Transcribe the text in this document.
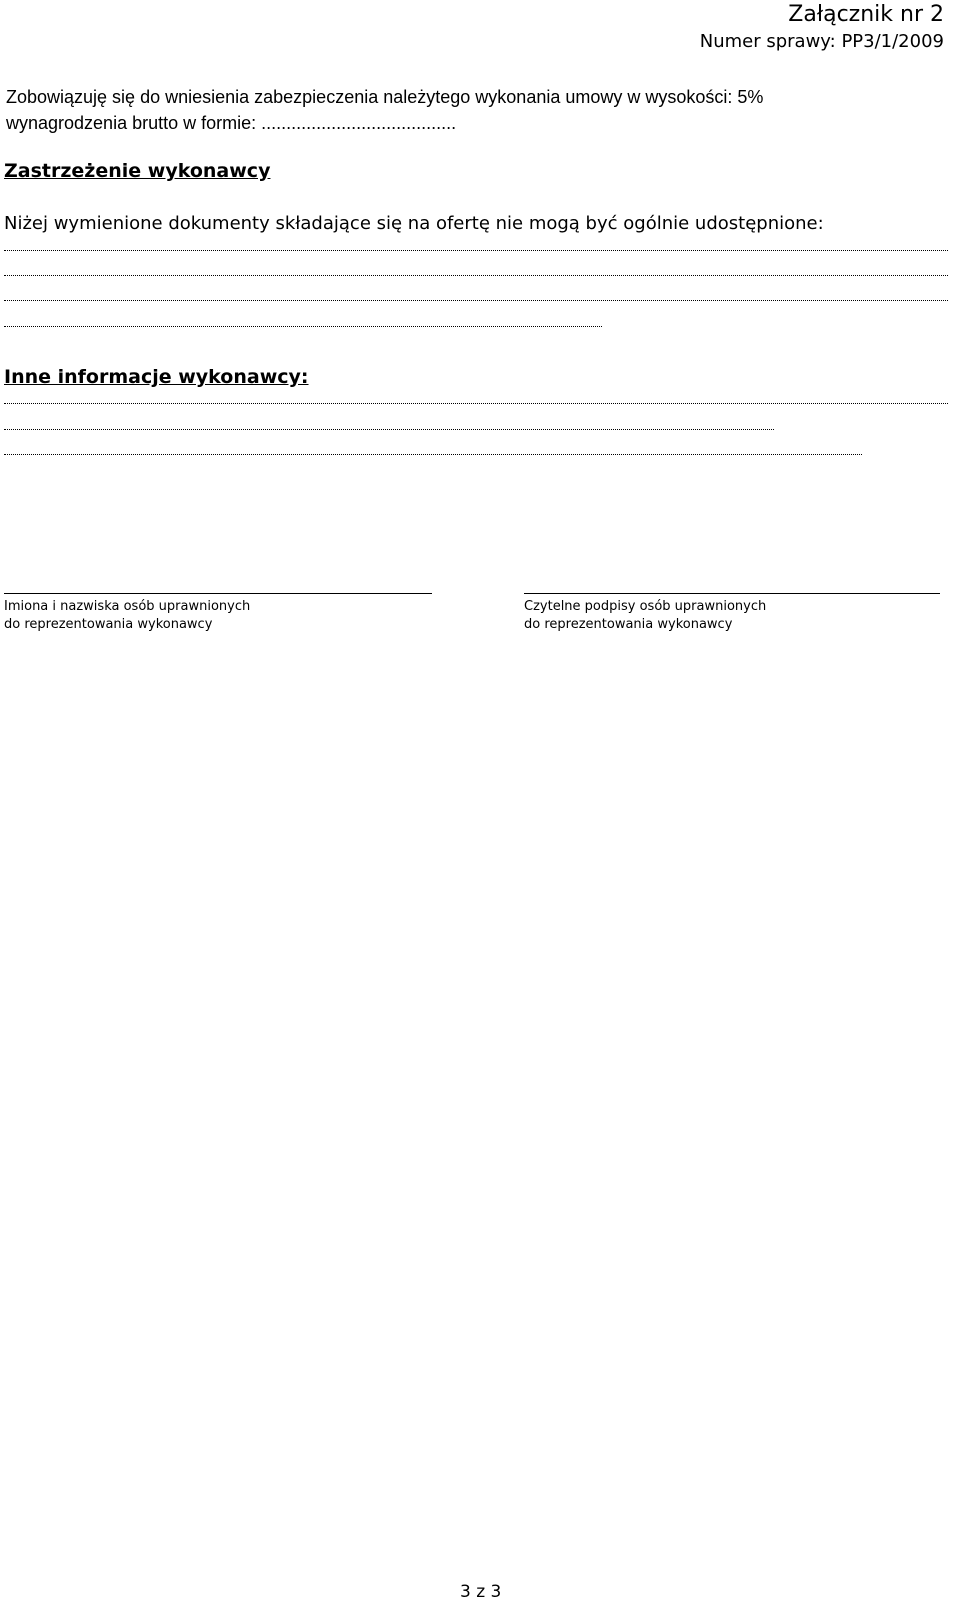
Załącznik nr 2
Numer sprawy: PP3/1/2009
Zobowiązuję się do wniesienia zabezpieczenia należytego wykonania umowy w wysokości: 5%
wynagrodzenia brutto w formie: .......................................
Zastrzeżenie wykonawcy
Niżej wymienione dokumenty składające się na ofertę nie mogą być ogólnie udostępnione:
Inne informacje wykonawcy:
Imiona i nazwiska osób uprawnionych
do reprezentowania wykonawcy
Czytelne podpisy osób uprawnionych
do reprezentowania wykonawcy
3 z 3
